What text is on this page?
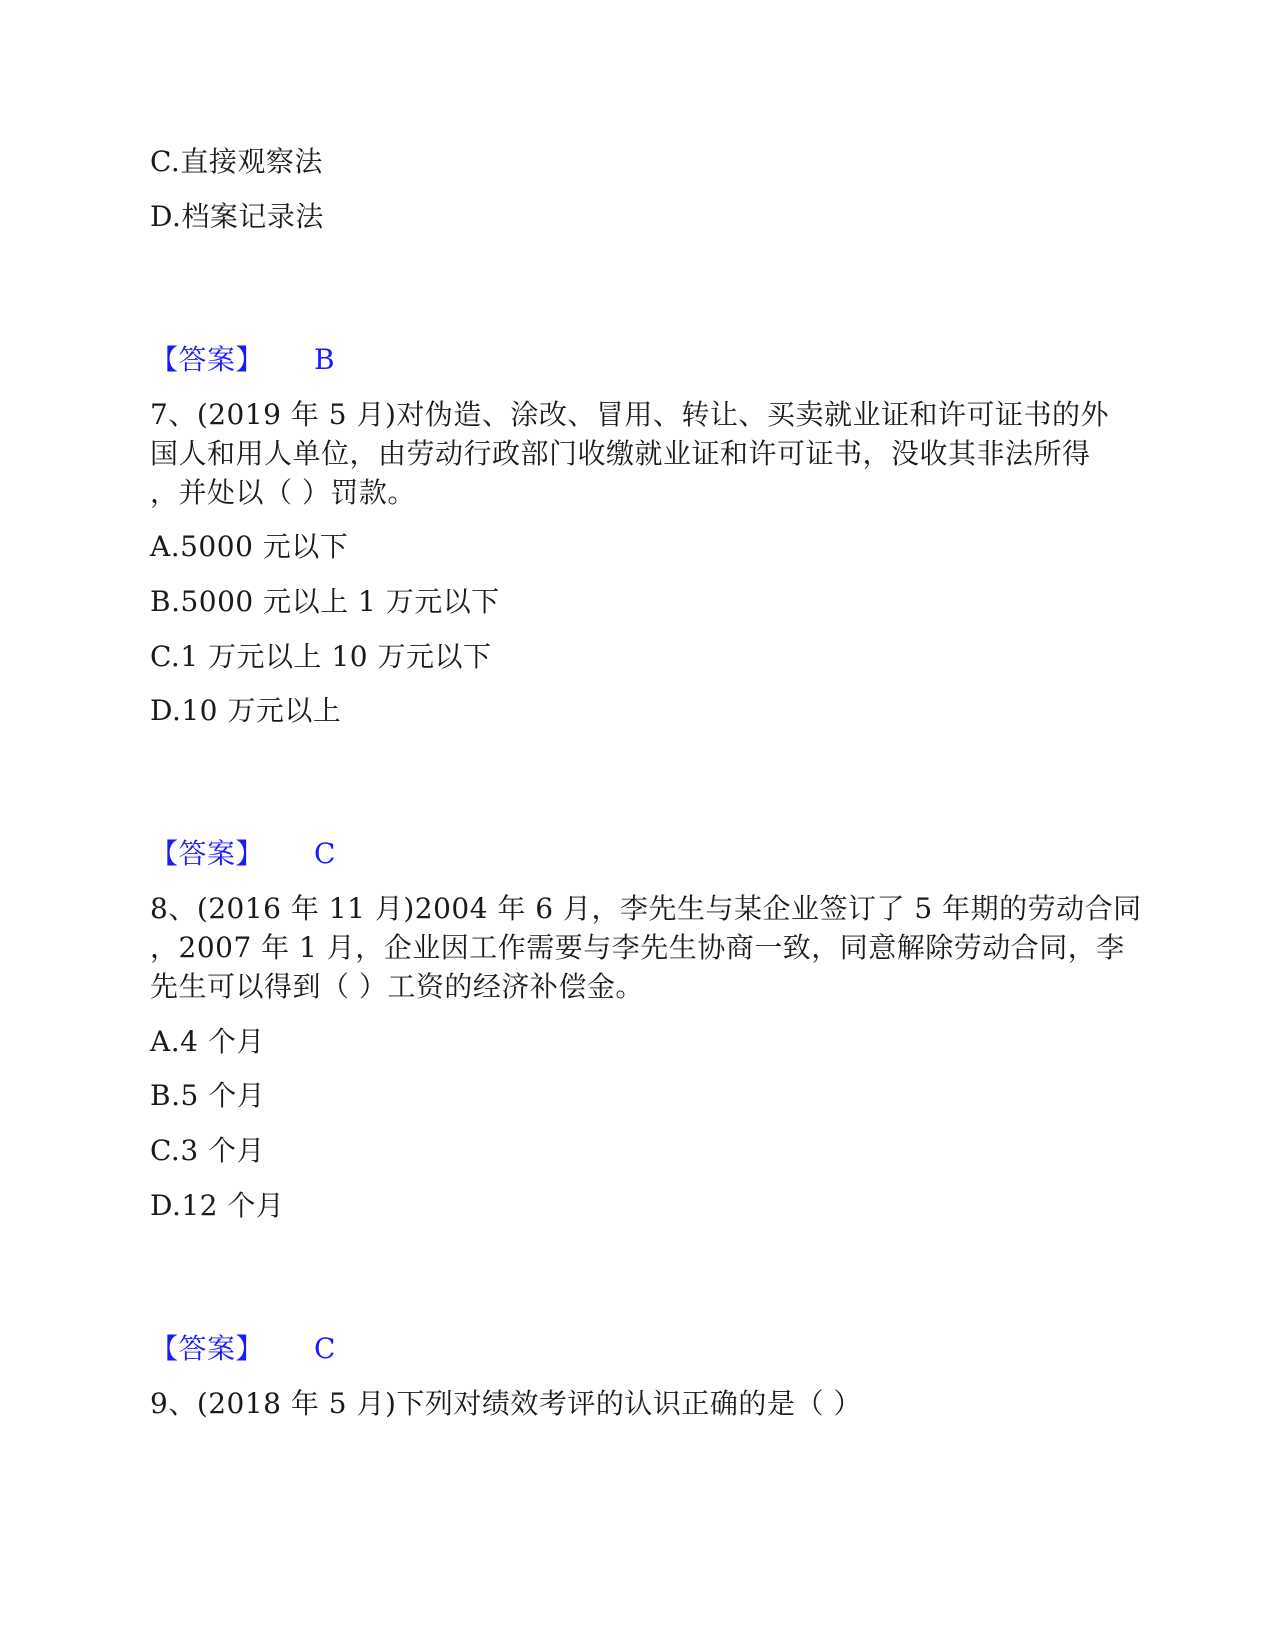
C.直接观察法
D.档案记录法
【答案】 B
7、(2019 年 5 月)对伪造、涂改、冒用、转让、买卖就业证和许可证书的外
国人和用人单位，由劳动行政部门收缴就业证和许可证书，没收其非法所得
，并处以（ ）罚款。
A.5000 元以下
B.5000 元以上 1 万元以下
C.1 万元以上 10 万元以下
D.10 万元以上
【答案】 C
8、(2016 年 11 月)2004 年 6 月，李先生与某企业签订了 5 年期的劳动合同
，2007 年 1 月，企业因工作需要与李先生协商一致，同意解除劳动合同，李
先生可以得到（ ）工资的经济补偿金。
A.4 个月
B.5 个月
C.3 个月
D.12 个月
【答案】 C
9、(2018 年 5 月)下列对绩效考评的认识正确的是（ ）
